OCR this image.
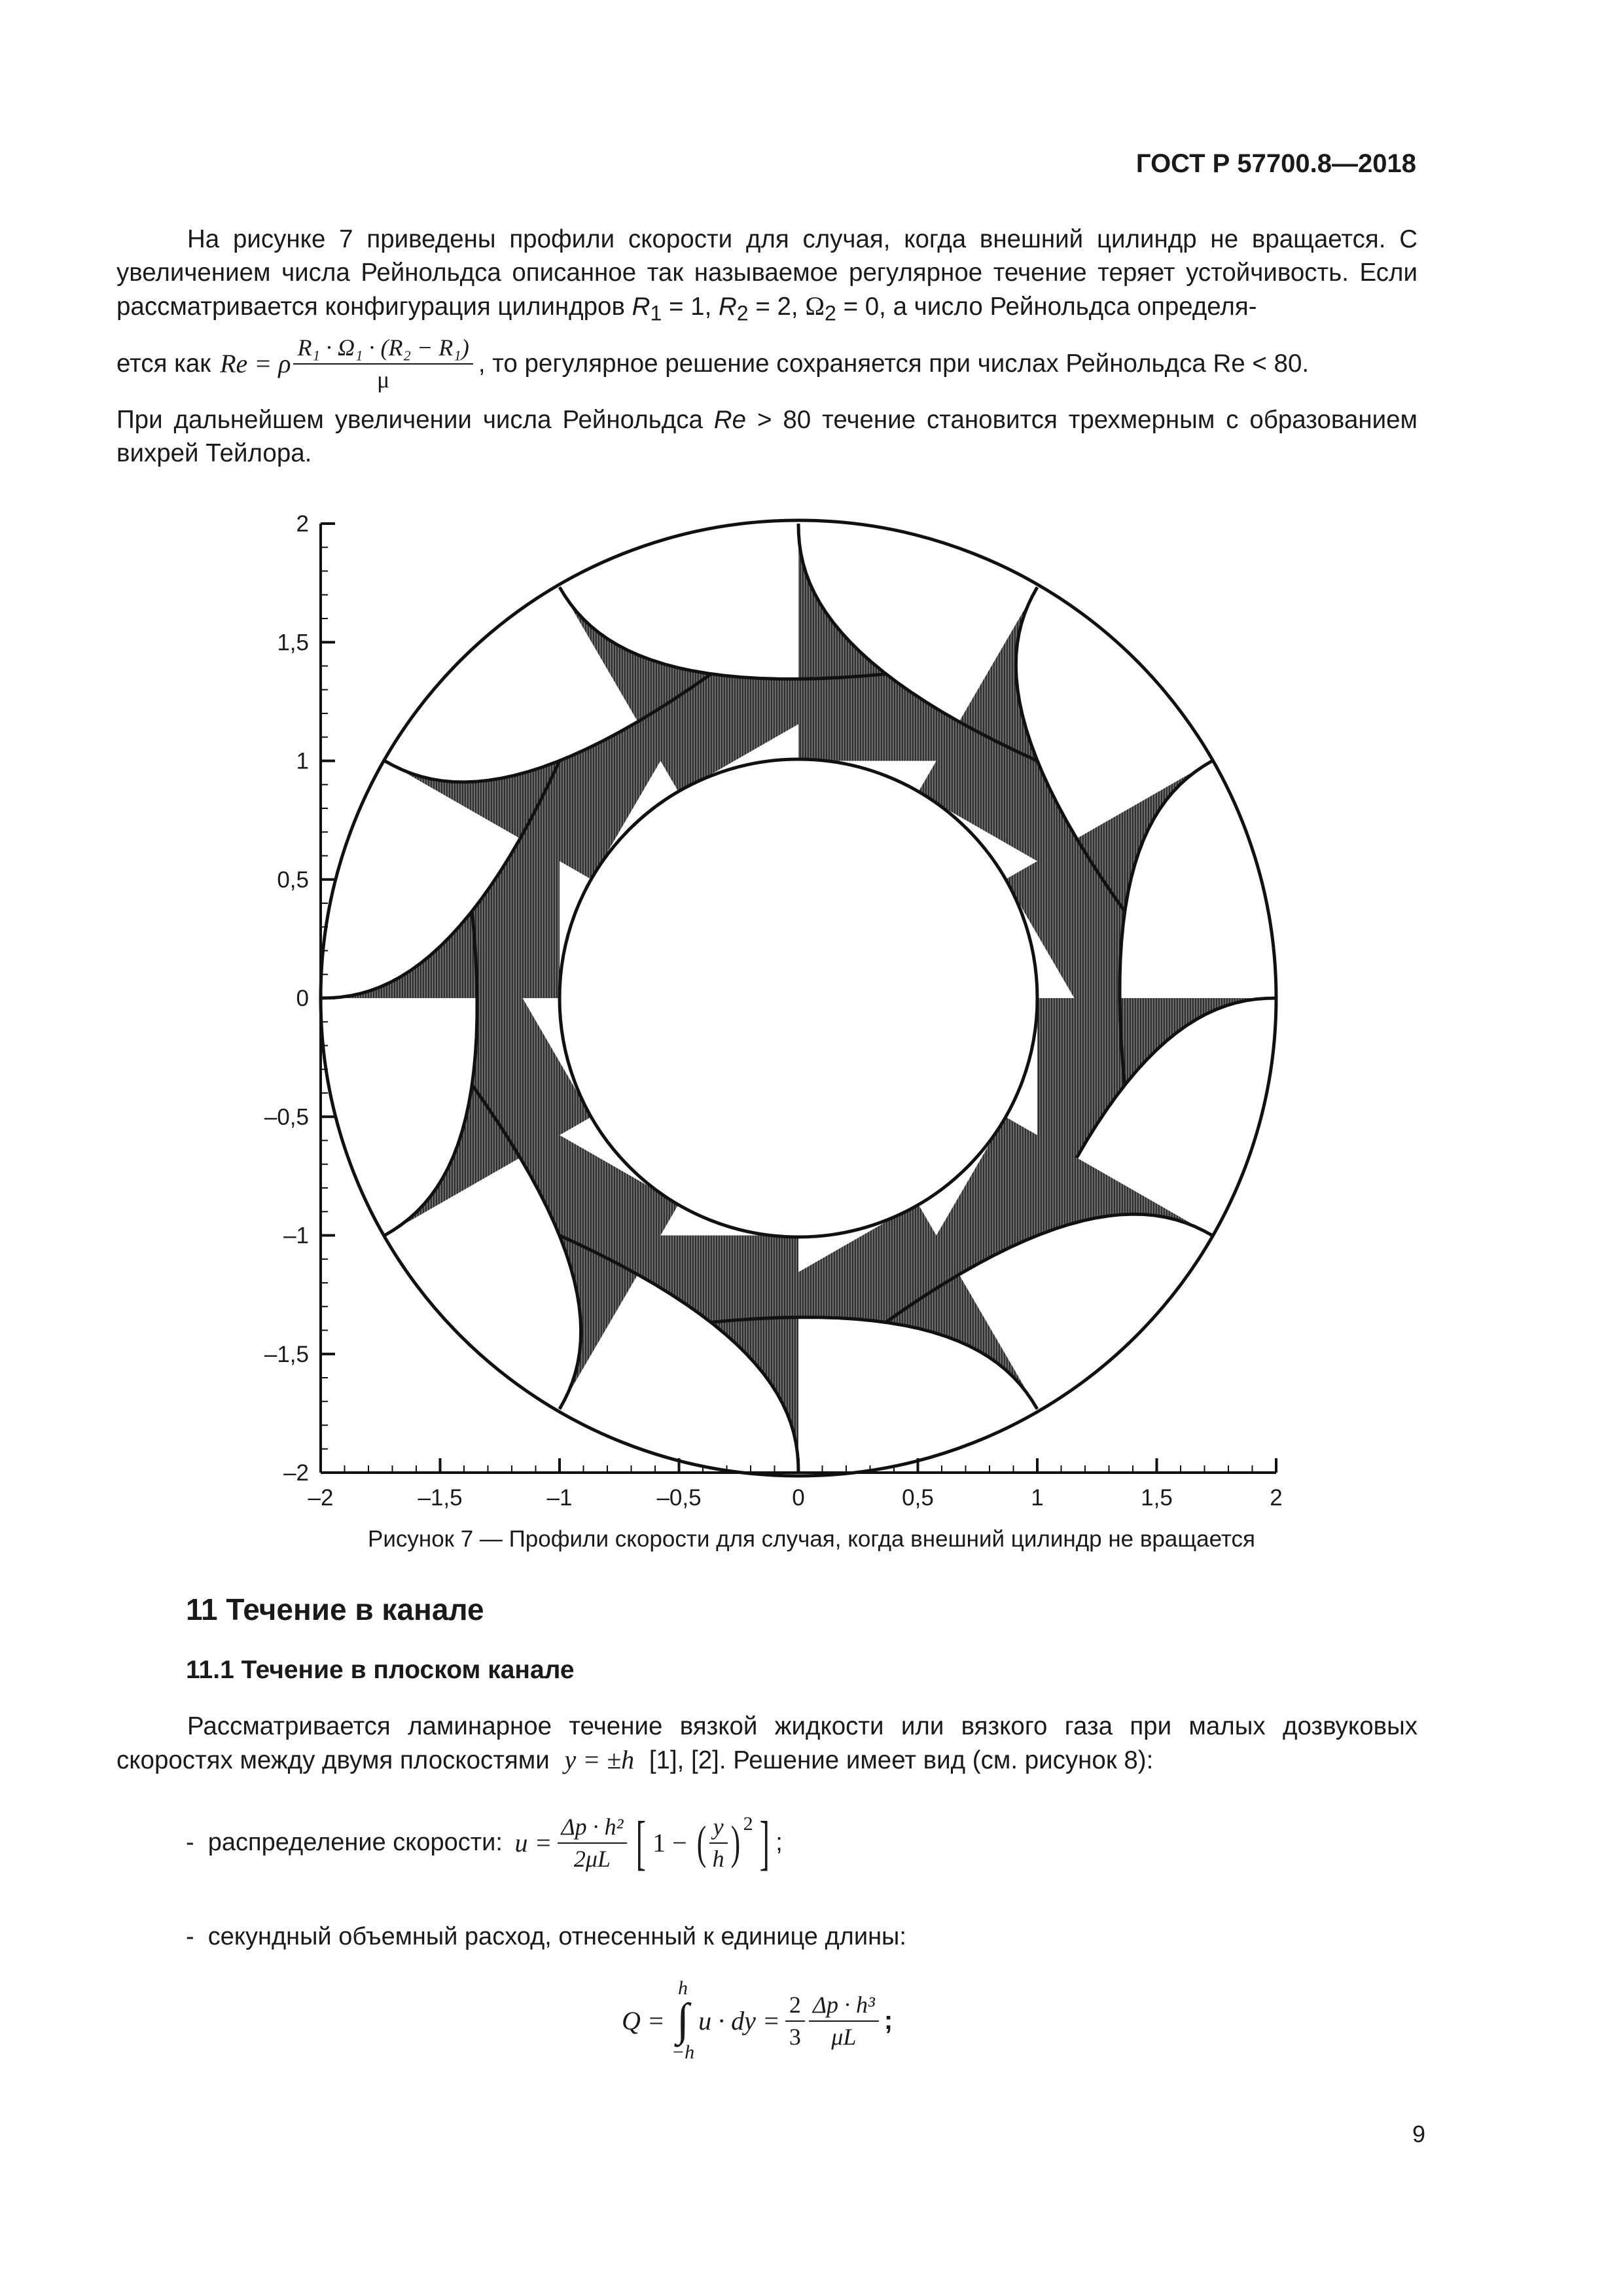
ГОСТ Р 57700.8—2018
На рисунке 7 приведены профили скорости для случая, когда внешний цилиндр не вращается. С увеличением числа Рейнольдса описанное так называемое регулярное течение теряет устойчивость. Если рассматривается конфигурация цилиндров $R_1 = 1$, $R_2 = 2$, $\Omega_2 = 0$, а число Рейнольдса определя-
ется как Re = ρ $\frac{\text{R₁ · Ω₁ · (R₂ − R₁)}}{\mu}$ , то регулярное решение сохраняется при числах Рейнольдса Re < 80.
При дальнейшем увеличении числа Рейнольдса Re > 80 течение становится трехмерным с образованием вихрей Тейлора.
–2	–1,5	–1	–0,5	0	0,5	1	1,5	2
2
1,5
1
0,5
0
–0,5
–1
–1,5
–2
Рисунок 7 — Профили скорости для случая, когда внешний цилиндр не вращается
11 Течение в канале
11.1 Течение в плоском канале
Рассматривается ламинарное течение вязкой жидкости или вязкого газа при малых дозвуковых скоростях между двумя плоскостями y = ±h [1], [2]. Решение имеет вид (см. рисунок 8):
-  распределение скорости: $u = \frac{\text{Δp · h²}}{2\mu L}$ [ 1 − ( $\frac{y}{h} )^2$ ] ;
-  секундный объемный расход, отнесенный к единице длины:
Q =
h
∫
−h
u · dy = $\frac{2}{3} \frac{\text{Δp · h³}}{\mu L}$ ;
9
